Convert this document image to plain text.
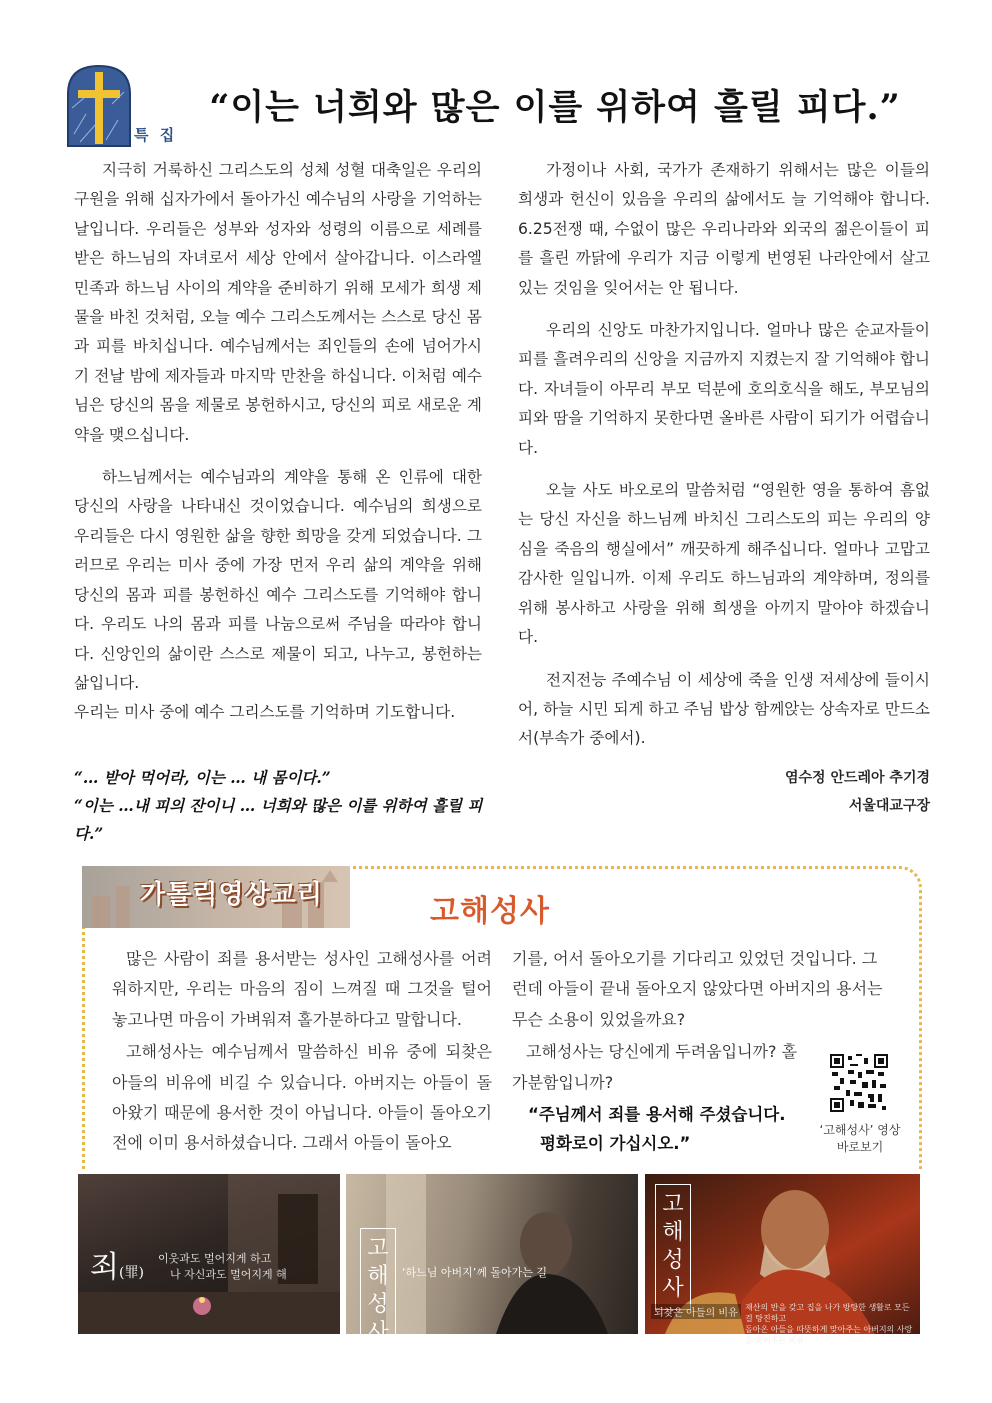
특 집
“이는 너희와 많은 이를 위하여 흘릴 피다.”

지극히 거룩하신 그리스도의 성체 성혈 대축일은 우리의 구원을 위해 십자가에서 돌아가신 예수님의 사랑을 기억하는 날입니다. 우리들은 성부와 성자와 성령의 이름으로 세례를 받은 하느님의 자녀로서 세상 안에서 살아갑니다. 이스라엘 민족과 하느님 사이의 계약을 준비하기 위해 모세가 희생 제물을 바친 것처럼, 오늘 예수 그리스도께서는 스스로 당신 몸과 피를 바치십니다. 예수님께서는 죄인들의 손에 넘어가시기 전날 밤에 제자들과 마지막 만찬을 하십니다. 이처럼 예수님은 당신의 몸을 제물로 봉헌하시고, 당신의 피로 새로운 계약을 맺으십니다.

하느님께서는 예수님과의 계약을 통해 온 인류에 대한 당신의 사랑을 나타내신 것이었습니다. 예수님의 희생으로 우리들은 다시 영원한 삶을 향한 희망을 갖게 되었습니다. 그러므로 우리는 미사 중에 가장 먼저 우리 삶의 계약을 위해 당신의 몸과 피를 봉헌하신 예수 그리스도를 기억해야 합니다. 우리도 나의 몸과 피를 나눔으로써 주님을 따라야 합니다. 신앙인의 삶이란 스스로 제물이 되고, 나누고, 봉헌하는 삶입니다.

우리는 미사 중에 예수 그리스도를 기억하며 기도합니다.

“… 받아 먹어라, 이는 … 내 몸이다.”
“이는 …내 피의 잔이니 … 너희와 많은 이를 위하여 흘릴 피다.”

가정이나 사회, 국가가 존재하기 위해서는 많은 이들의 희생과 헌신이 있음을 우리의 삶에서도 늘 기억해야 합니다. 6.25전쟁 때, 수없이 많은 우리나라와 외국의 젊은이들이 피를 흘린 까닭에 우리가 지금 이렇게 번영된 나라안에서 살고 있는 것임을 잊어서는 안 됩니다.

우리의 신앙도 마찬가지입니다. 얼마나 많은 순교자들이 피를 흘려우리의 신앙을 지금까지 지켰는지 잘 기억해야 합니다. 자녀들이 아무리 부모 덕분에 호의호식을 해도, 부모님의 피와 땀을 기억하지 못한다면 올바른 사람이 되기가 어렵습니다.

오늘 사도 바오로의 말씀처럼 “영원한 영을 통하여 흠없는 당신 자신을 하느님께 바치신 그리스도의 피는 우리의 양심을 죽음의 행실에서” 깨끗하게 해주십니다. 얼마나 고맙고 감사한 일입니까. 이제 우리도 하느님과의 계약하며, 정의를 위해 봉사하고 사랑을 위해 희생을 아끼지 말아야 하겠습니다.

전지전능 주예수님 이 세상에 죽을 인생 저세상에 들이시어, 하늘 시민 되게 하고 주님 밥상 함께앉는 상속자로 만드소서(부속가 중에서).

염수정 안드레아 추기경
서울대교구장
가톨릭영상교리	고해성사

많은 사람이 죄를 용서받는 성사인 고해성사를 어려워하지만, 우리는 마음의 짐이 느껴질 때 그것을 털어 놓고나면 마음이 가벼워져 홀가분하다고 말합니다.

고해성사는 예수님께서 말씀하신 비유 중에 되찾은 아들의 비유에 비길 수 있습니다. 아버지는 아들이 돌아왔기 때문에 용서한 것이 아닙니다. 아들이 돌아오기 전에 이미 용서하셨습니다. 그래서 아들이 돌아오

기를, 어서 돌아오기를 기다리고 있었던 것입니다. 그런데 아들이 끝내 돌아오지 않았다면 아버지의 용서는 무슨 소용이 있었을까요?

고해성사는 당신에게 두려움입니까? 홀가분함입니까?

“주님께서 죄를 용서해 주셨습니다.
평화로이 가십시오.”
‘고해성사’ 영상
바로보기
죄(罪)
이웃과도 멀어지게 하고
나 자신과도 멀어지게 해
고해성사
‘하느님 아버지’께 돌아가는 길
고해성사
되찾은 아들의 비유
재산의 반을 갖고 집을 나가 방탕한 생활로 모든 걸 탕진하고
돌아온 아들을 따뜻하게 맞아주는 아버지의 사랑을 보여주는 비유
